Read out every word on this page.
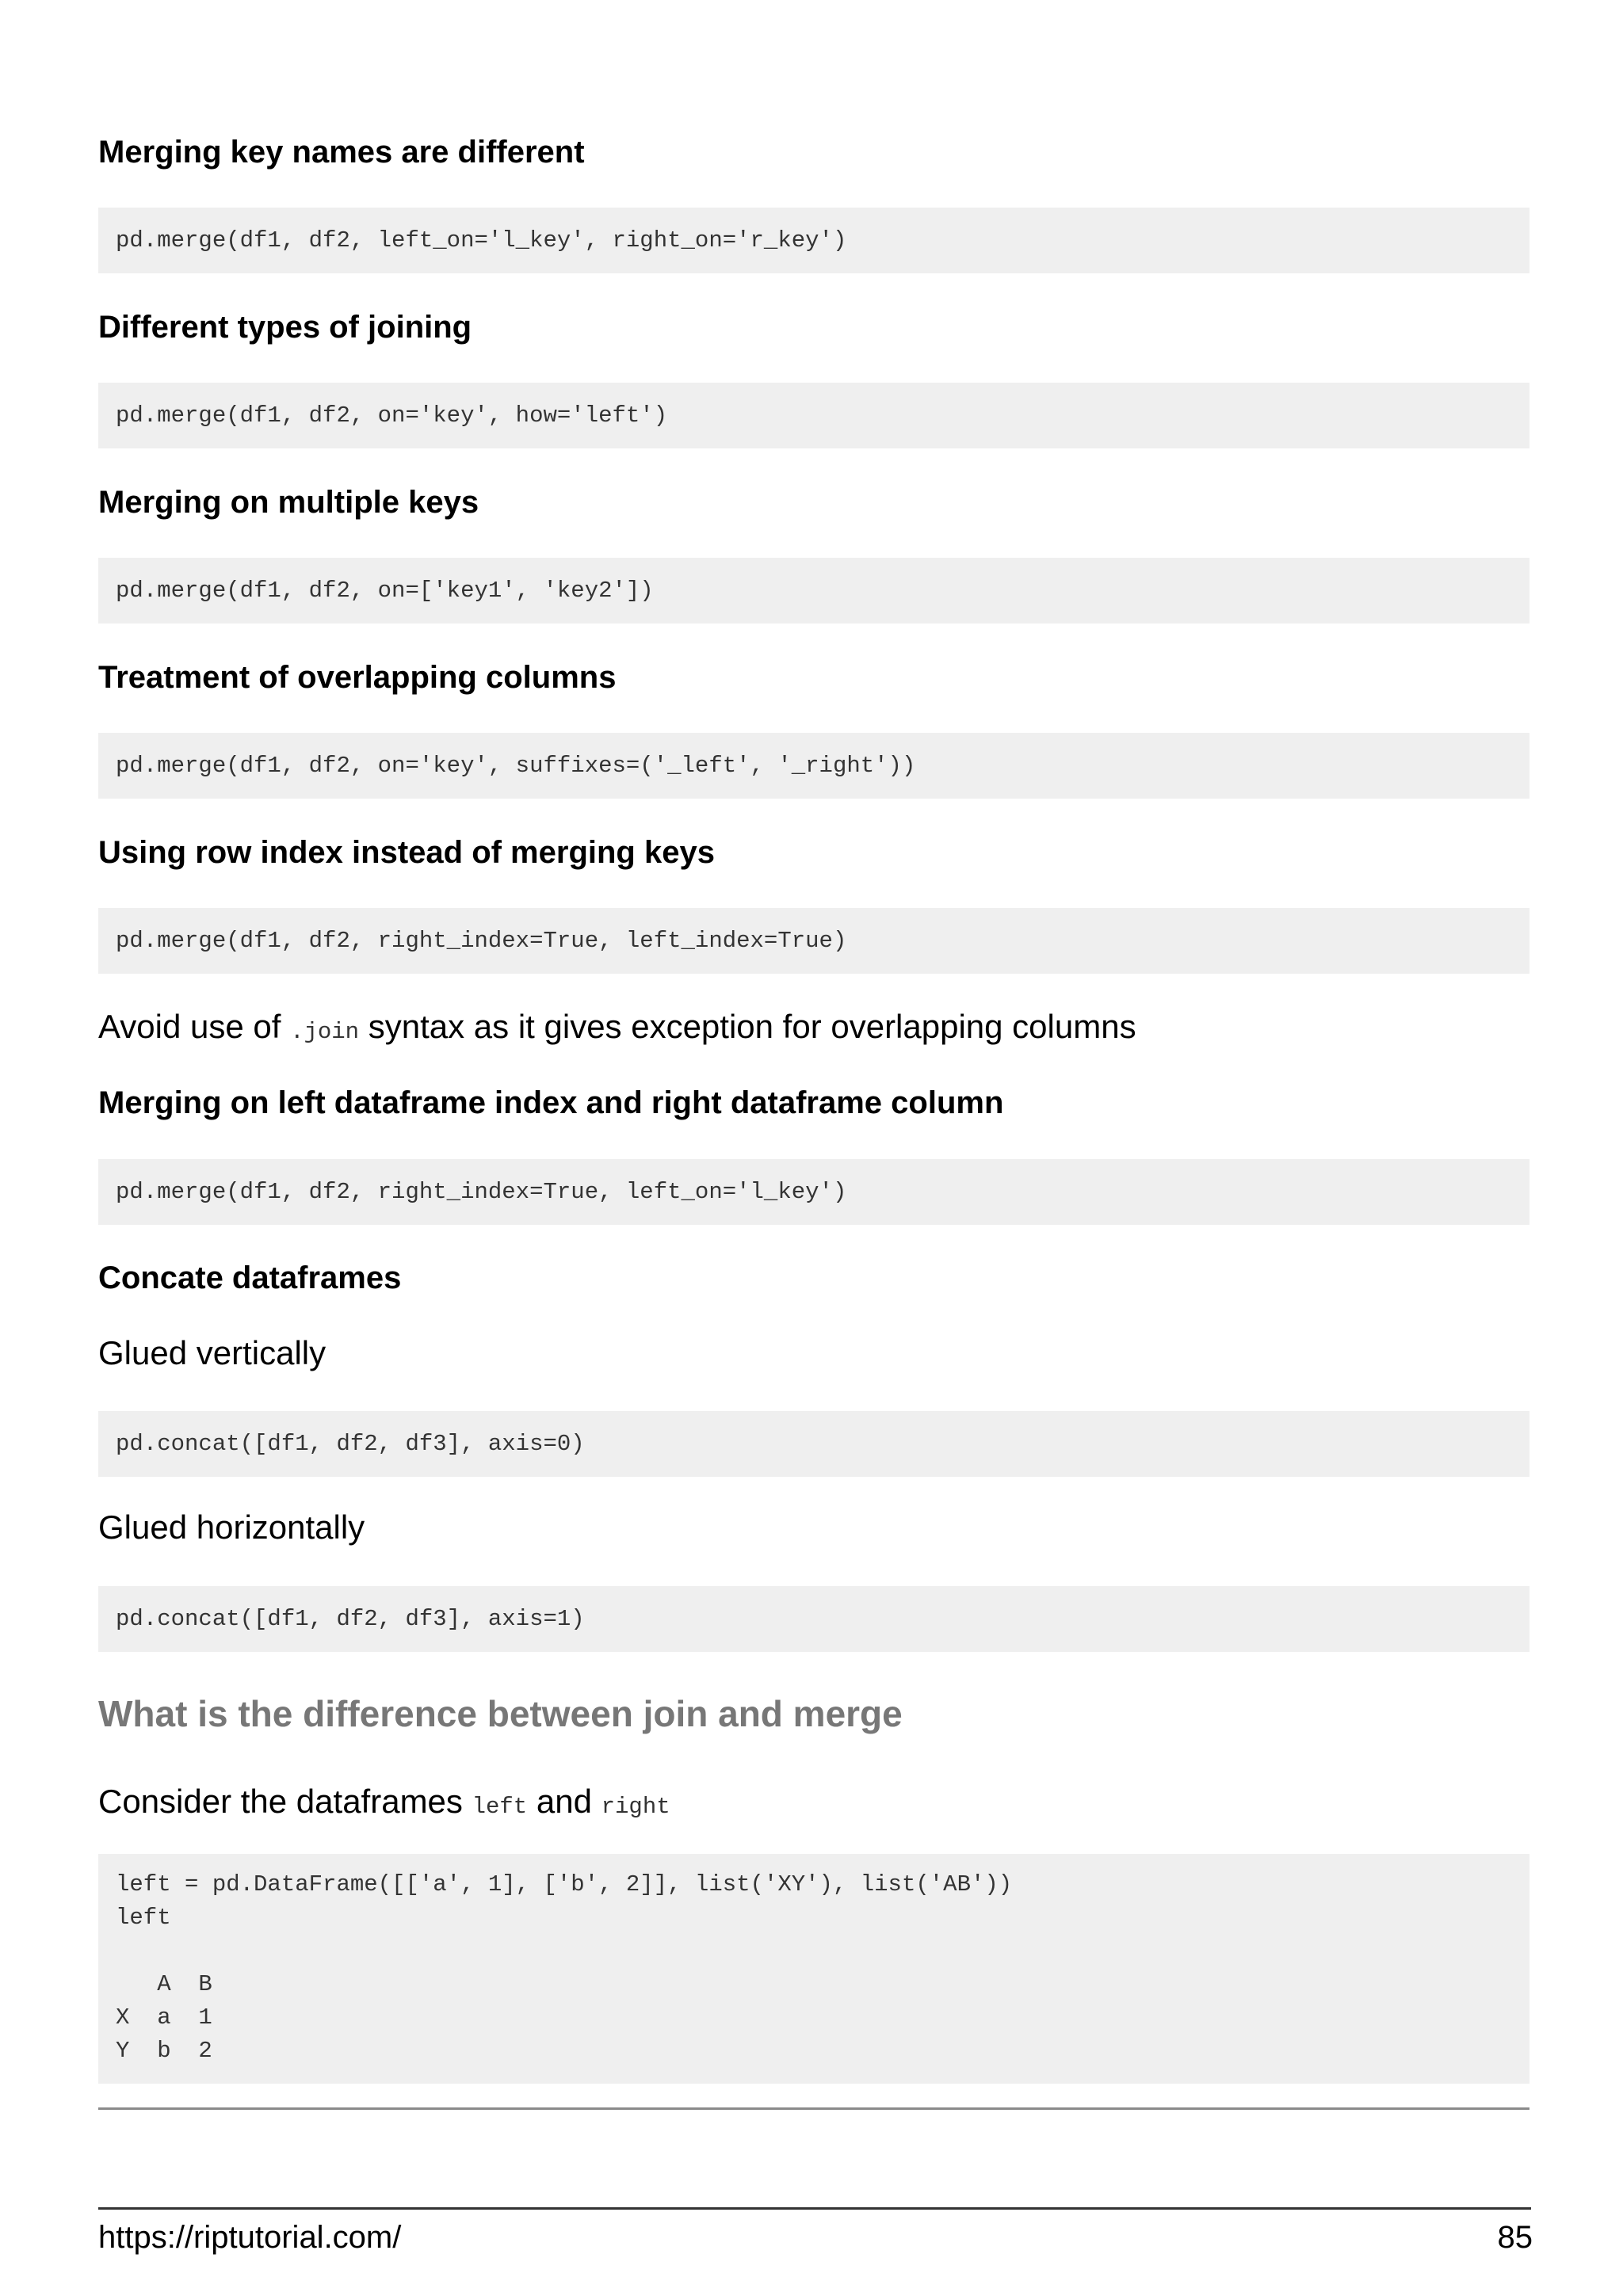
Merging key names are different
pd.merge(df1, df2, left_on='l_key', right_on='r_key')
Different types of joining
pd.merge(df1, df2, on='key', how='left')
Merging on multiple keys
pd.merge(df1, df2, on=['key1', 'key2'])
Treatment of overlapping columns
pd.merge(df1, df2, on='key', suffixes=('_left', '_right'))
Using row index instead of merging keys
pd.merge(df1, df2, right_index=True, left_index=True)

Avoid use of .join syntax as it gives exception for overlapping columns

Merging on left dataframe index and right dataframe column
pd.merge(df1, df2, right_index=True, left_on='l_key')
Concate dataframes

Glued vertically

pd.concat([df1, df2, df3], axis=0)

Glued horizontally

pd.concat([df1, df2, df3], axis=1)
What is the difference between join and merge

Consider the dataframes left and right

left = pd.DataFrame([['a', 1], ['b', 2]], list('XY'), list('AB'))
left

A  B
X  a  1
Y  b  2
https://riptutorial.com/	85
